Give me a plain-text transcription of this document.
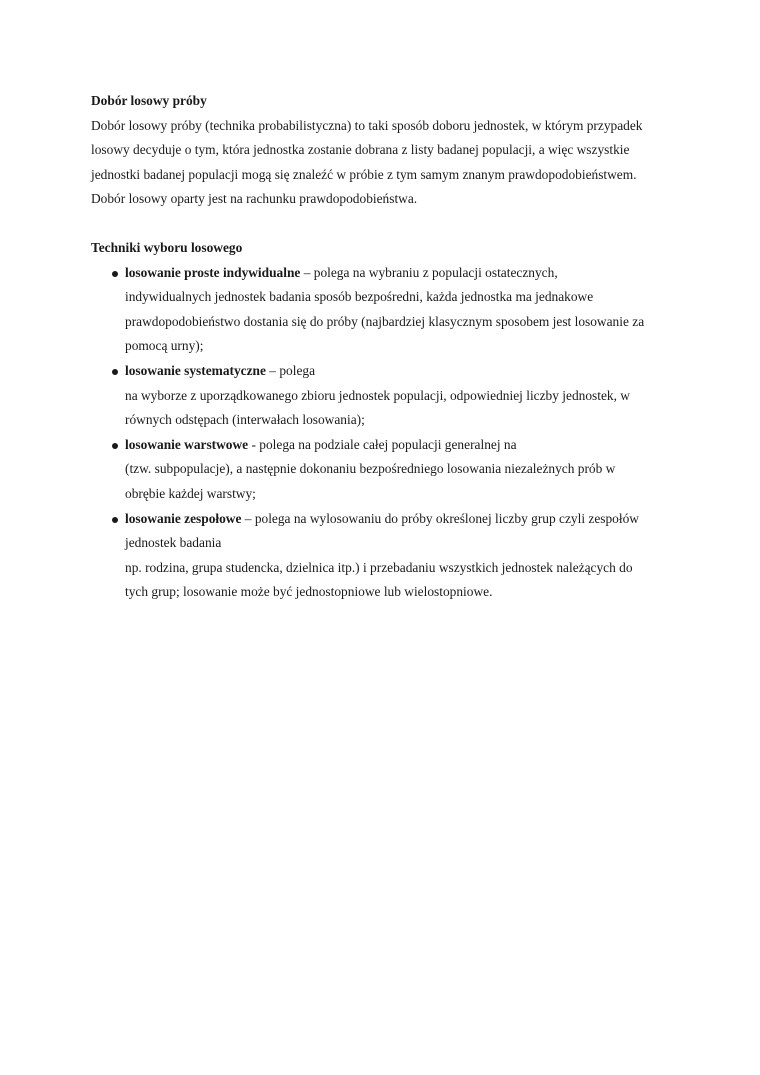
Dobór losowy próby
Dobór losowy próby (technika probabilistyczna) to taki sposób doboru jednostek, w którym przypadek
losowy decyduje o tym, która jednostka zostanie dobrana z listy badanej populacji, a więc wszystkie
jednostki badanej populacji mogą się znaleźć w próbie z tym samym znanym prawdopodobieństwem.
Dobór losowy oparty jest na rachunku prawdopodobieństwa.
Techniki wyboru losowego
losowanie proste indywidualne – polega na wybraniu z populacji ostatecznych,
indywidualnych jednostek badania sposób bezpośredni, każda jednostka ma jednakowe
prawdopodobieństwo dostania się do próby (najbardziej klasycznym sposobem jest losowanie za
pomocą urny);
losowanie systematyczne – polega
na wyborze z uporządkowanego zbioru jednostek populacji, odpowiedniej liczby jednostek, w
równych odstępach (interwałach losowania);
losowanie warstwowe - polega na podziale całej populacji generalnej na
(tzw. subpopulacje), a następnie dokonaniu bezpośredniego losowania niezależnych prób w
obrębie każdej warstwy;
losowanie zespołowe – polega na wylosowaniu do próby określonej liczby grup czyli zespołów
jednostek badania
np. rodzina, grupa studencka, dzielnica itp.) i przebadaniu wszystkich jednostek należących do
tych grup; losowanie może być jednostopniowe lub wielostopniowe.
